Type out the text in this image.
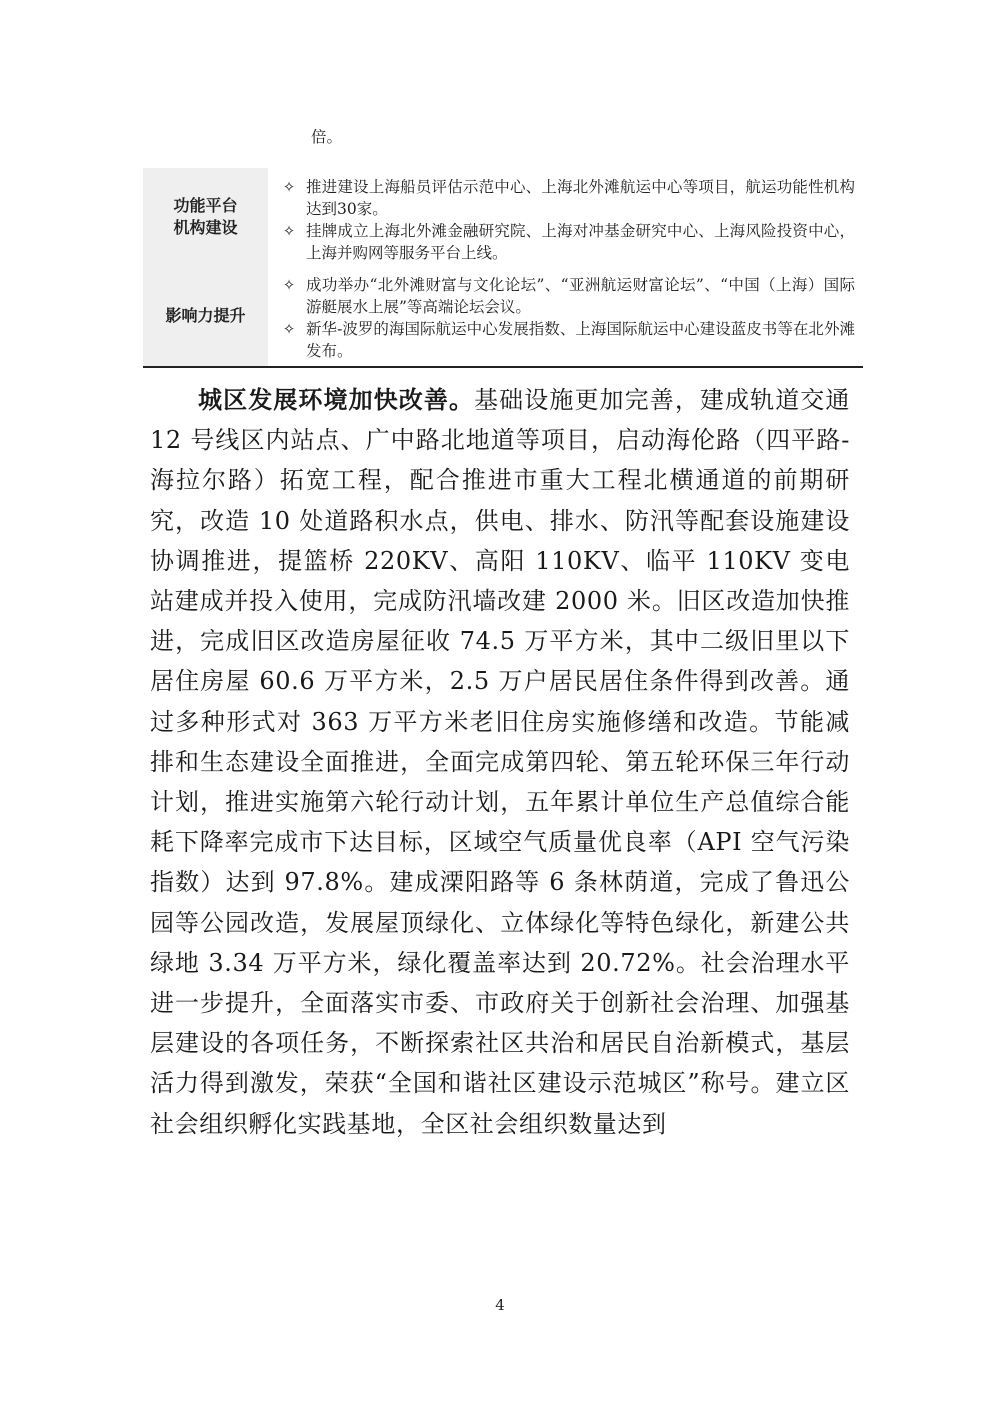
倍。
功能平台
机构建设
✧ 推进建设上海船员评估示范中心、上海北外滩航运中心等项目，航运功能性机构达到30家。
✧ 挂牌成立上海北外滩金融研究院、上海对冲基金研究中心、上海风险投资中心，上海并购网等服务平台上线。
影响力提升
✧ 成功举办“北外滩财富与文化论坛”、“亚洲航运财富论坛”、“中国（上海）国际游艇展水上展”等高端论坛会议。
✧ 新华-波罗的海国际航运中心发展指数、上海国际航运中心建设蓝皮书等在北外滩发布。
城区发展环境加快改善。基础设施更加完善，建成轨道交通 12 号线区内站点、广中路北地道等项目，启动海伦路（四平路-海拉尔路）拓宽工程，配合推进市重大工程北横通道的前期研究，改造 10 处道路积水点，供电、排水、防汛等配套设施建设协调推进，提篮桥 220KV、高阳 110KV、临平 110KV 变电站建成并投入使用，完成防汛墙改建 2000 米。旧区改造加快推进，完成旧区改造房屋征收 74.5 万平方米，其中二级旧里以下居住房屋 60.6 万平方米，2.5 万户居民居住条件得到改善。通过多种形式对 363 万平方米老旧住房实施修缮和改造。节能减排和生态建设全面推进，全面完成第四轮、第五轮环保三年行动计划，推进实施第六轮行动计划，五年累计单位生产总值综合能耗下降率完成市下达目标，区域空气质量优良率（API 空气污染指数）达到 97.8%。建成溧阳路等 6 条林荫道，完成了鲁迅公园等公园改造，发展屋顶绿化、立体绿化等特色绿化，新建公共绿地 3.34 万平方米，绿化覆盖率达到 20.72%。社会治理水平进一步提升，全面落实市委、市政府关于创新社会治理、加强基层建设的各项任务，不断探索社区共治和居民自治新模式，基层活力得到激发，荣获“全国和谐社区建设示范城区”称号。建立区社会组织孵化实践基地，全区社会组织数量达到
4
